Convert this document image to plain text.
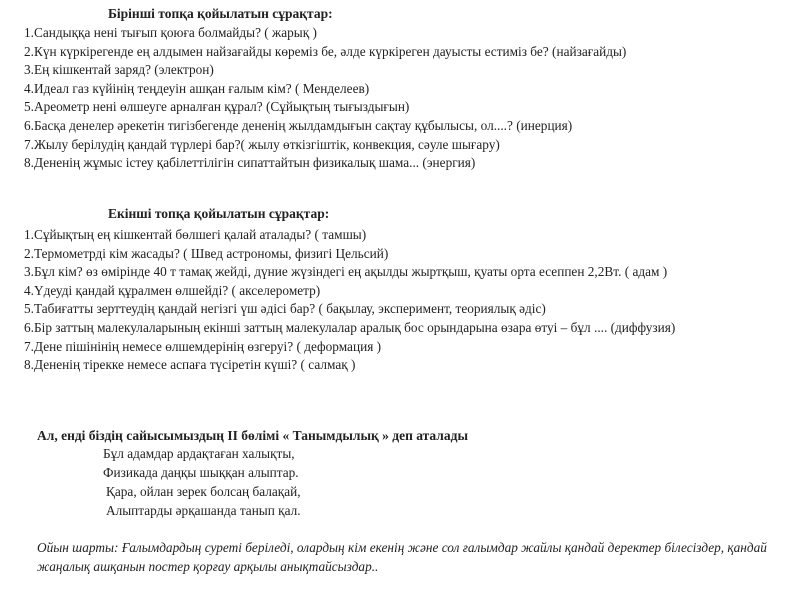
Бірінші топқа қойылатын сұрақтар:
1.Сандыққа нені тығып қоюға болмайды? ( жарық )
2.Күн күркірегенде ең алдымен найзағайды көреміз бе, әлде күркіреген дауысты естиміз бе? (найзағайды)
3.Ең кішкентай заряд? (электрон)
4.Идеал газ күйінің теңдеуін ашқан ғалым кім? ( Менделеев)
5.Ареометр нені өлшеуге арналған құрал? (Сұйықтың тығыздығын)
6.Басқа денелер әрекетін тигізбегенде дененің жылдамдығын сақтау құбылысы, ол....? (инерция)
7.Жылу берілудің қандай түрлері бар?( жылу өткізгіштік, конвекция, сәуле шығару)
8.Дененің жұмыс істеу қабілеттілігін сипаттайтын физикалық шама... (энергия)
Екінші топқа қойылатын сұрақтар:
1.Сұйықтың ең кішкентай бөлшегі қалай аталады? ( тамшы)
2.Термометрді кім жасады? ( Швед астрономы, физигі Цельсий)
3.Бұл кім? өз өмірінде 40 т тамақ жейді, дүние жүзіндегі ең ақылды жыртқыш, қуаты орта есеппен 2,2Вт. ( адам )
4.Үдеуді қандай құралмен өлшейді? ( акселерометр)
5.Табиғатты зерттеудің қандай негізгі үш әдісі бар? ( бақылау, эксперимент, теориялық әдіс)
6.Бір заттың малекулаларының екінші заттың малекулалар аралық бос орындарына өзара өтуі – бұл .... (диффузия)
7.Дене пішінінің немесе өлшемдерінің өзгеруі? ( деформация )
8.Дененің тірекке немесе аспаға түсіретін күші? ( салмақ )
Ал, енді біздің сайысымыздың ІІ бөлімі « Танымдылық » деп аталады
Бұл адамдар ардақтаған халықты,
Физикада даңқы шыққан алыптар.
Қара, ойлан зерек болсаң балақай,
Алыптарды әрқашанда танып қал.
Ойын шарты: Ғалымдардың суреті беріледі, олардың кім екенің және сол ғалымдар жайлы қандай деректер білесіздер, қандай жаңалық ашқанын постер қорғау арқылы анықтайсыздар..
